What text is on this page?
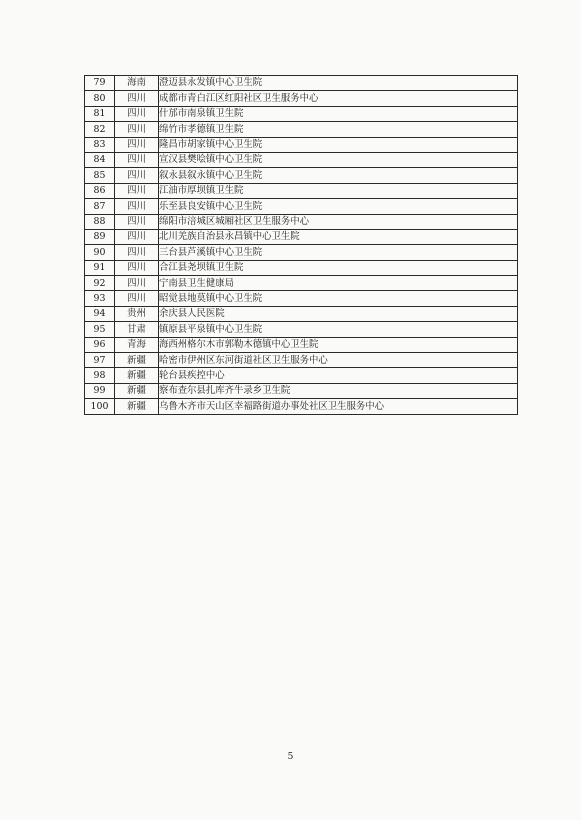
79	海南	澄迈县永发镇中心卫生院
80	四川	成都市青白江区红阳社区卫生服务中心
81	四川	什邡市南泉镇卫生院
82	四川	绵竹市孝德镇卫生院
83	四川	隆昌市胡家镇中心卫生院
84	四川	宣汉县樊哙镇中心卫生院
85	四川	叙永县叙永镇中心卫生院
86	四川	江油市厚坝镇卫生院
87	四川	乐至县良安镇中心卫生院
88	四川	绵阳市涪城区城厢社区卫生服务中心
89	四川	北川羌族自治县永昌镇中心卫生院
90	四川	三台县芦溪镇中心卫生院
91	四川	合江县尧坝镇卫生院
92	四川	宁南县卫生健康局
93	四川	昭觉县地莫镇中心卫生院
94	贵州	余庆县人民医院
95	甘肃	镇原县平泉镇中心卫生院
96	青海	海西州格尔木市郭勒木德镇中心卫生院
97	新疆	哈密市伊州区东河街道社区卫生服务中心
98	新疆	轮台县疾控中心
99	新疆	察布查尔县扎库齐牛录乡卫生院
100	新疆	乌鲁木齐市天山区幸福路街道办事处社区卫生服务中心
5
